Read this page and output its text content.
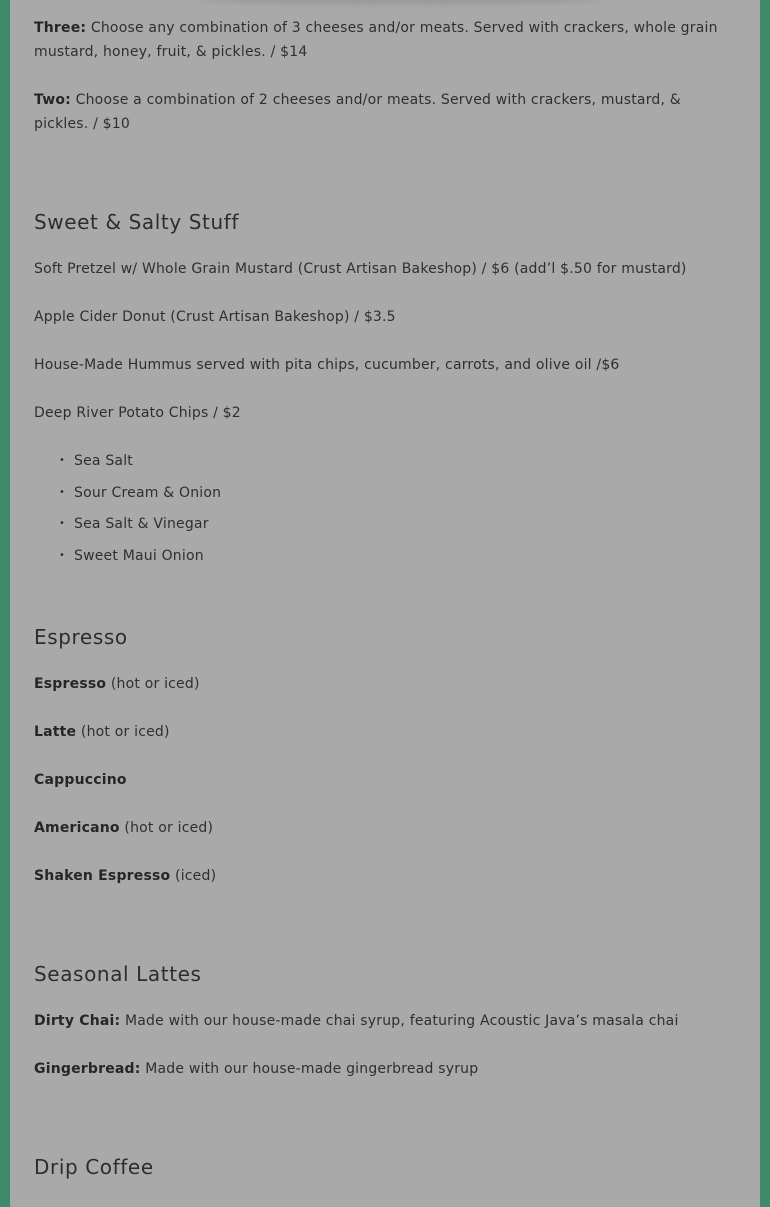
Three: Choose any combination of 3 cheeses and/or meats. Served with crackers, whole grain mustard, honey, fruit, & pickles. / $14

Two: Choose a combination of 2 cheeses and/or meats. Served with crackers, mustard, & pickles. / $10

Sweet & Salty Stuff

Soft Pretzel w/ Whole Grain Mustard (Crust Artisan Bakeshop) / $6 (add’l $.50 for mustard)

Apple Cider Donut (Crust Artisan Bakeshop) / $3.5

House-Made Hummus served with pita chips, cucumber, carrots, and olive oil /$6

Deep River Potato Chips / $2

• Sea Salt
• Sour Cream & Onion
• Sea Salt & Vinegar
• Sweet Maui Onion
Espresso

Espresso (hot or iced)

Latte (hot or iced)

Cappuccino

Americano (hot or iced)

Shaken Espresso (iced)

Seasonal Lattes

Dirty Chai: Made with our house-made chai syrup, featuring Acoustic Java’s masala chai

Gingerbread: Made with our house-made gingerbread syrup

Drip Coffee
